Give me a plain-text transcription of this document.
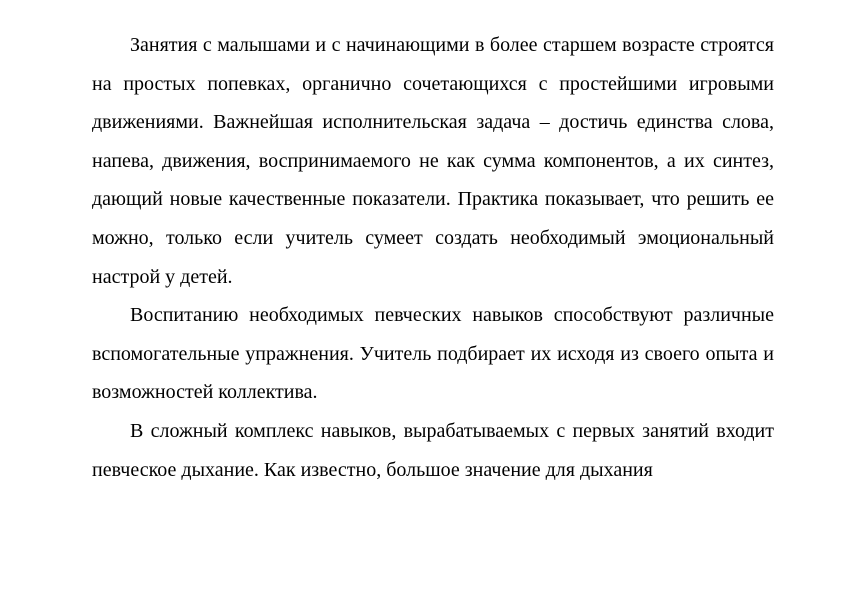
Занятия с малышами и с начинающими в более старшем возрасте строятся на простых попевках, органично сочетающихся с простейшими игровыми движениями. Важнейшая исполнительская задача – достичь единства слова, напева, движения, воспринимаемого не как сумма компонентов, а их синтез, дающий новые качественные показатели. Практика показывает, что решить ее можно, только если учитель сумеет создать необходимый эмоциональный настрой у детей.

Воспитанию необходимых певческих навыков способствуют различные вспомогательные упражнения. Учитель подбирает их исходя из своего опыта и возможностей коллектива.

В сложный комплекс навыков, вырабатываемых с первых занятий входит певческое дыхание. Как известно, большое значение для дыхания
